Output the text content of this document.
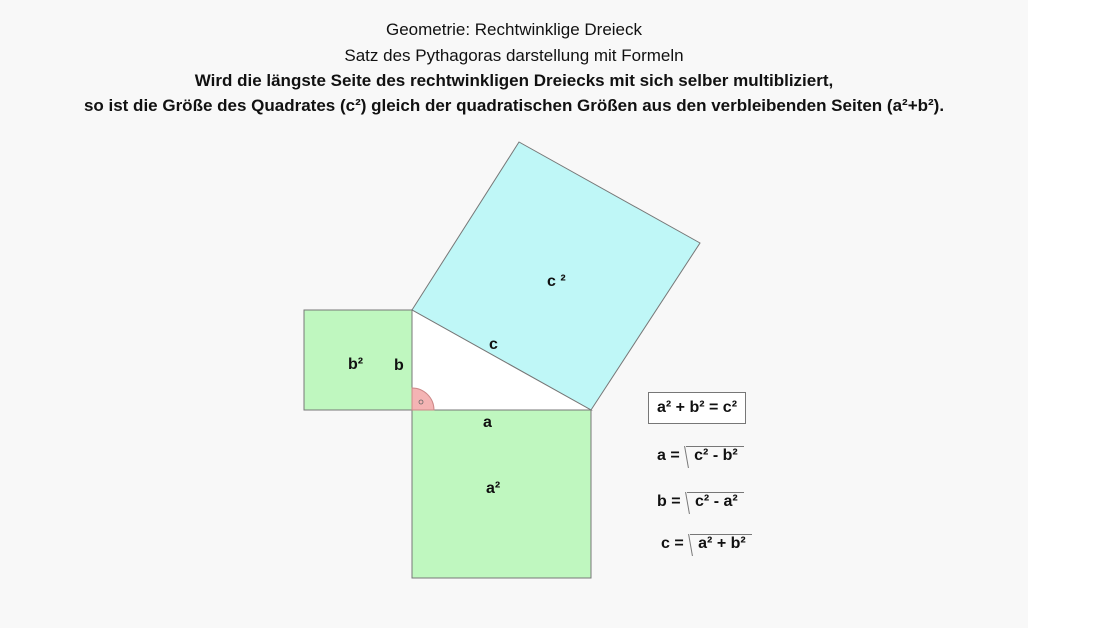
Geometrie: Rechtwinklige Dreieck
Satz des Pythagoras darstellung mit Formeln
Wird die längste Seite des rechtwinkligen Dreiecks mit sich selber multibliziert,
so ist die Größe des Quadrates (c²) gleich der quadratischen Größen aus den verbleibenden Seiten (a²+b²).
c ²
c
b² b
a
a²
a² + b² = c²
a = c² - b²
b = c² - a²
c = a² + b²
